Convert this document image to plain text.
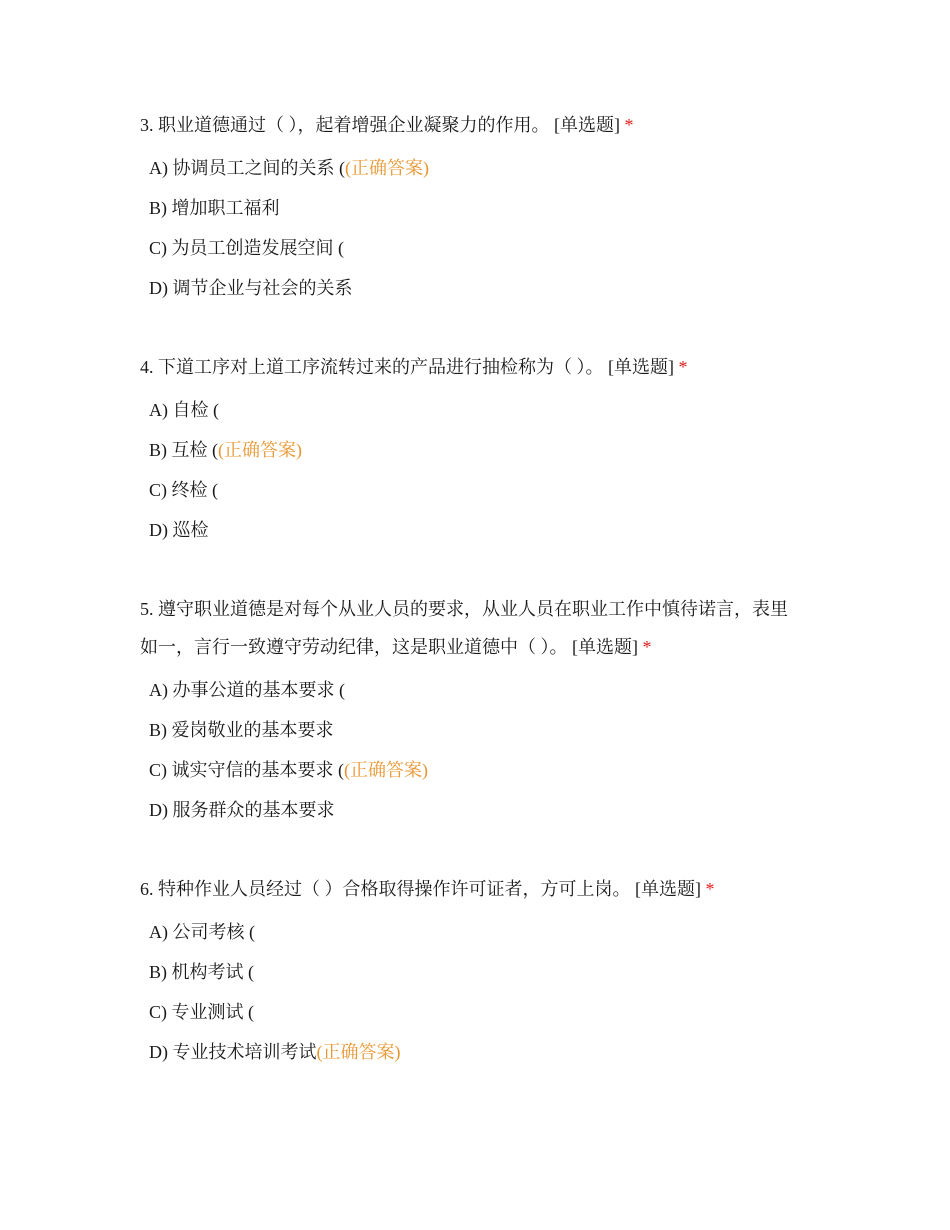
3. 职业道德通过（ ），起着增强企业凝聚力的作用。 [单选题] *
A) 协调员工之间的关系 ((正确答案)
B) 增加职工福利
C) 为员工创造发展空间 (
D) 调节企业与社会的关系
4. 下道工序对上道工序流转过来的产品进行抽检称为（ ）。 [单选题] *
A) 自检 (
B) 互检 ((正确答案)
C) 终检 (
D) 巡检
5. 遵守职业道德是对每个从业人员的要求，从业人员在职业工作中慎待诺言，表里
如一，言行一致遵守劳动纪律，这是职业道德中（ ）。 [单选题] *
A) 办事公道的基本要求 (
B) 爱岗敬业的基本要求
C) 诚实守信的基本要求 ((正确答案)
D) 服务群众的基本要求
6. 特种作业人员经过（ ）合格取得操作许可证者，方可上岗。 [单选题] *
A) 公司考核 (
B) 机构考试 (
C) 专业测试 (
D) 专业技术培训考试(正确答案)
